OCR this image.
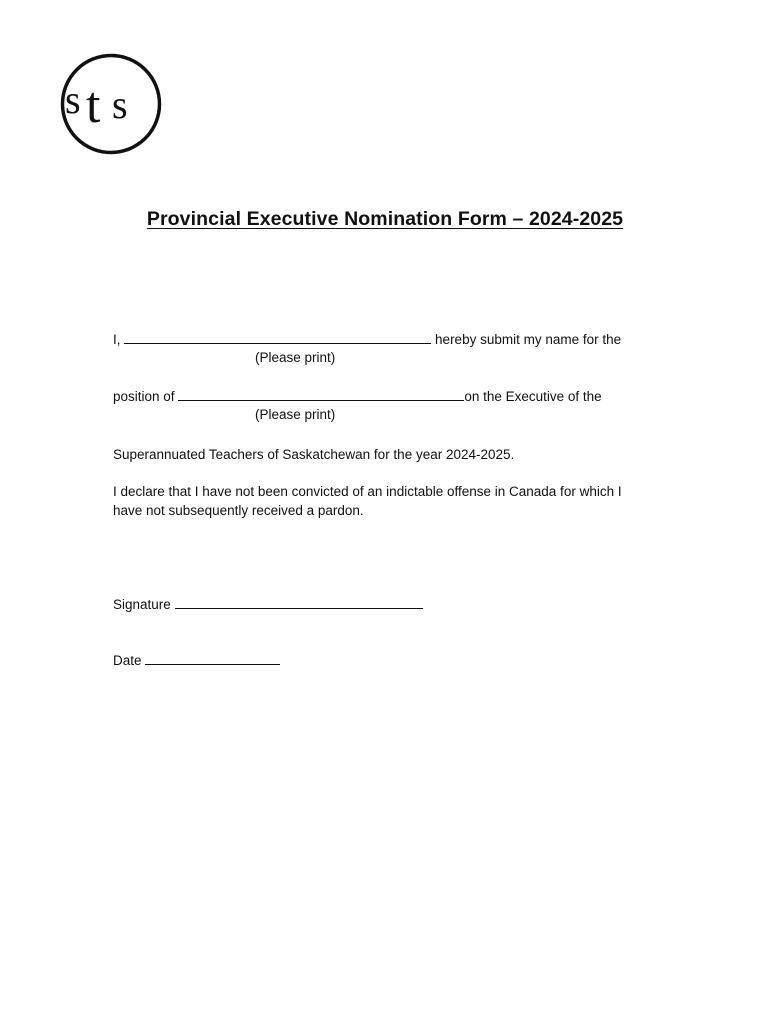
s t s
Provincial Executive Nomination Form – 2024-2025
I,	hereby submit my name for the
(Please print)
position of	on the Executive of the
(Please print)
Superannuated Teachers of Saskatchewan for the year 2024-2025.
I declare that I have not been convicted of an indictable offense in Canada for which I have not subsequently received a pardon.
Signature
Date
